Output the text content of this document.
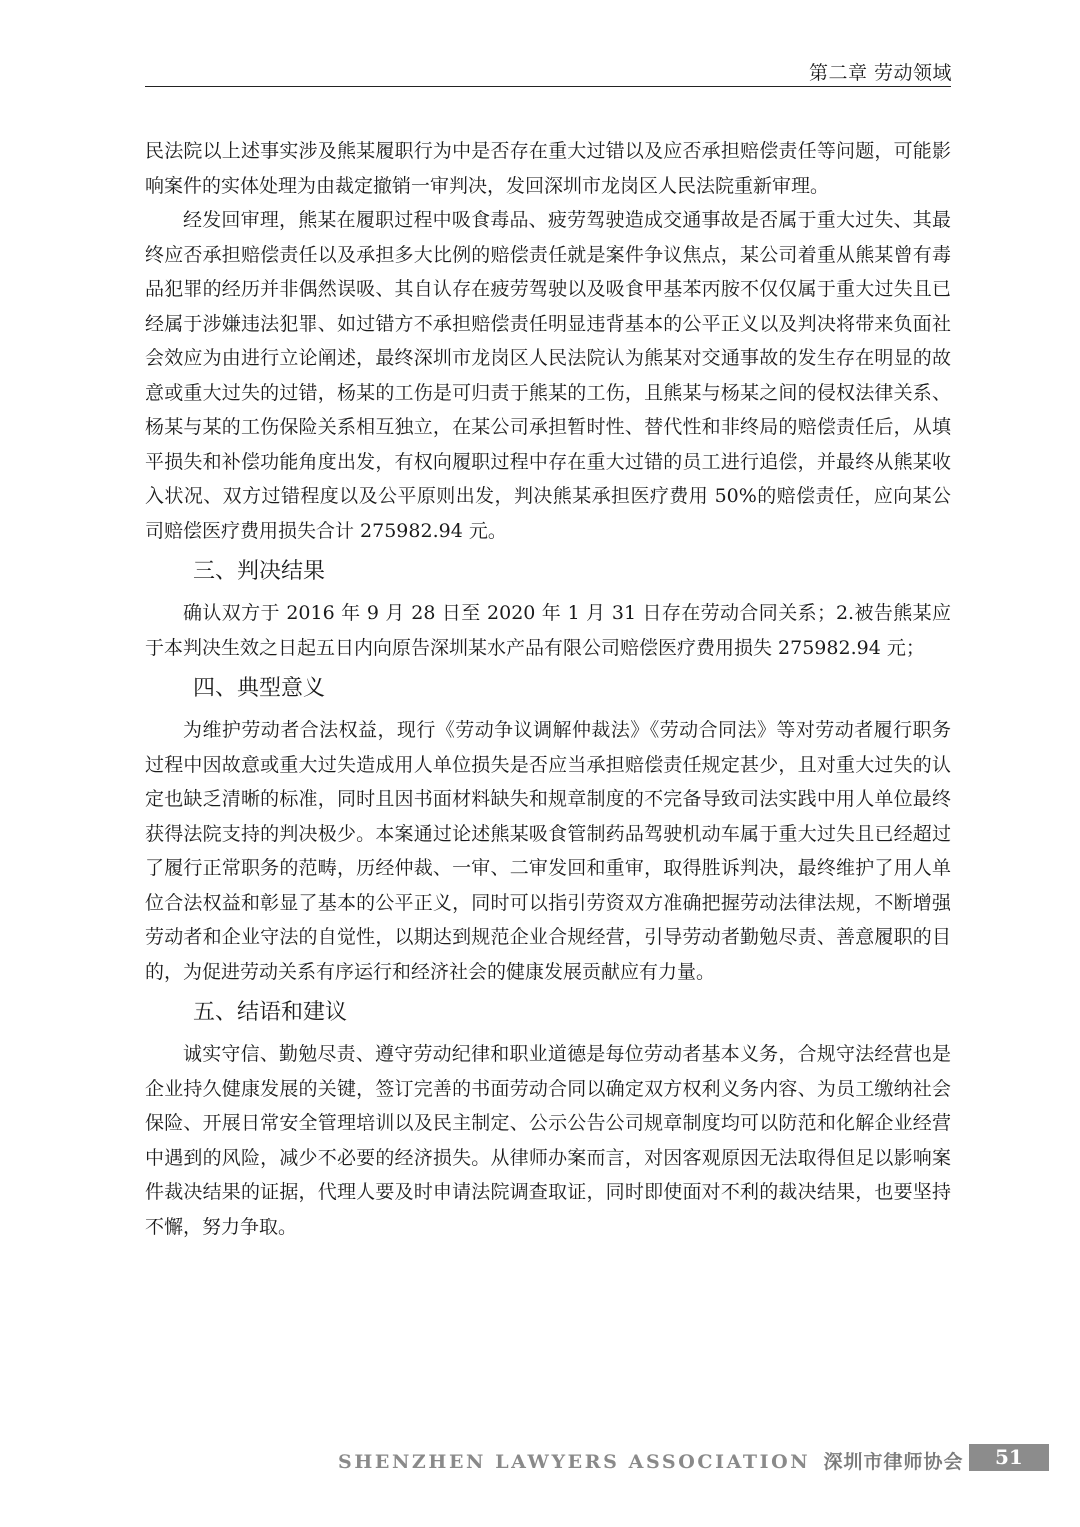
第二章 劳动领域

民法院以上述事实涉及熊某履职行为中是否存在重大过错以及应否承担赔偿责任等问题，可能影响案件的实体处理为由裁定撤销一审判决，发回深圳市龙岗区人民法院重新审理。

经发回审理，熊某在履职过程中吸食毒品、疲劳驾驶造成交通事故是否属于重大过失、其最终应否承担赔偿责任以及承担多大比例的赔偿责任就是案件争议焦点，某公司着重从熊某曾有毒品犯罪的经历并非偶然误吸、其自认存在疲劳驾驶以及吸食甲基苯丙胺不仅仅属于重大过失且已经属于涉嫌违法犯罪、如过错方不承担赔偿责任明显违背基本的公平正义以及判决将带来负面社会效应为由进行立论阐述，最终深圳市龙岗区人民法院认为熊某对交通事故的发生存在明显的故意或重大过失的过错，杨某的工伤是可归责于熊某的工伤，且熊某与杨某之间的侵权法律关系、杨某与某的工伤保险关系相互独立，在某公司承担暂时性、替代性和非终局的赔偿责任后，从填平损失和补偿功能角度出发，有权向履职过程中存在重大过错的员工进行追偿，并最终从熊某收入状况、双方过错程度以及公平原则出发，判决熊某承担医疗费用 50%的赔偿责任，应向某公司赔偿医疗费用损失合计 275982.94 元。

三、判决结果

确认双方于 2016 年 9 月 28 日至 2020 年 1 月 31 日存在劳动合同关系；2.被告熊某应于本判决生效之日起五日内向原告深圳某水产品有限公司赔偿医疗费用损失 275982.94 元；

四、典型意义

为维护劳动者合法权益，现行《劳动争议调解仲裁法》《劳动合同法》等对劳动者履行职务过程中因故意或重大过失造成用人单位损失是否应当承担赔偿责任规定甚少，且对重大过失的认定也缺乏清晰的标准，同时且因书面材料缺失和规章制度的不完备导致司法实践中用人单位最终获得法院支持的判决极少。本案通过论述熊某吸食管制药品驾驶机动车属于重大过失且已经超过了履行正常职务的范畴，历经仲裁、一审、二审发回和重审，取得胜诉判决，最终维护了用人单位合法权益和彰显了基本的公平正义，同时可以指引劳资双方准确把握劳动法律法规，不断增强劳动者和企业守法的自觉性，以期达到规范企业合规经营，引导劳动者勤勉尽责、善意履职的目的，为促进劳动关系有序运行和经济社会的健康发展贡献应有力量。

五、结语和建议

诚实守信、勤勉尽责、遵守劳动纪律和职业道德是每位劳动者基本义务，合规守法经营也是企业持久健康发展的关键，签订完善的书面劳动合同以确定双方权利义务内容、为员工缴纳社会保险、开展日常安全管理培训以及民主制定、公示公告公司规章制度均可以防范和化解企业经营中遇到的风险，减少不必要的经济损失。从律师办案而言，对因客观原因无法取得但足以影响案件裁决结果的证据，代理人要及时申请法院调查取证，同时即使面对不利的裁决结果，也要坚持不懈，努力争取。

SHENZHEN LAWYERS ASSOCIATION 深圳市律师协会 51
